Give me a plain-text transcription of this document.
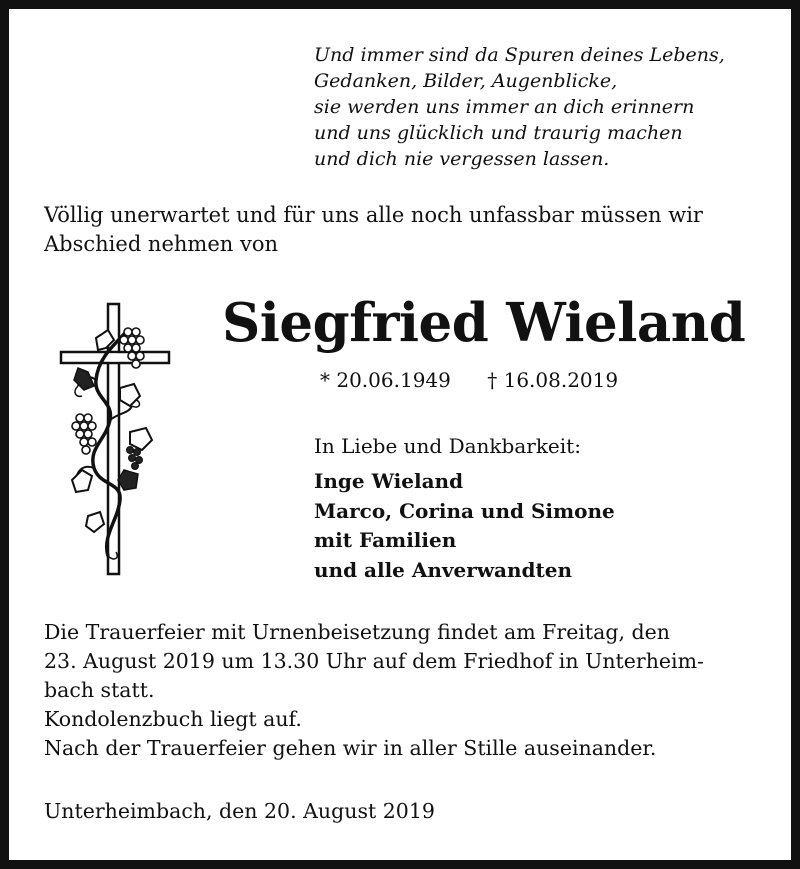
Und immer sind da Spuren deines Lebens,
Gedanken, Bilder, Augenblicke,
sie werden uns immer an dich erinnern
und uns glücklich und traurig machen
und dich nie vergessen lassen.
Völlig unerwartet und für uns alle noch unfassbar müssen wir
Abschied nehmen von
Siegfried Wieland
* 20.06.1949 † 16.08.2019
In Liebe und Dankbarkeit:
Inge Wieland
Marco, Corina und Simone
mit Familien
und alle Anverwandten
Die Trauerfeier mit Urnenbeisetzung findet am Freitag, den
23. August 2019 um 13.30 Uhr auf dem Friedhof in Unterheim-
bach statt.
Kondolenzbuch liegt auf.
Nach der Trauerfeier gehen wir in aller Stille auseinander.
Unterheimbach, den 20. August 2019
